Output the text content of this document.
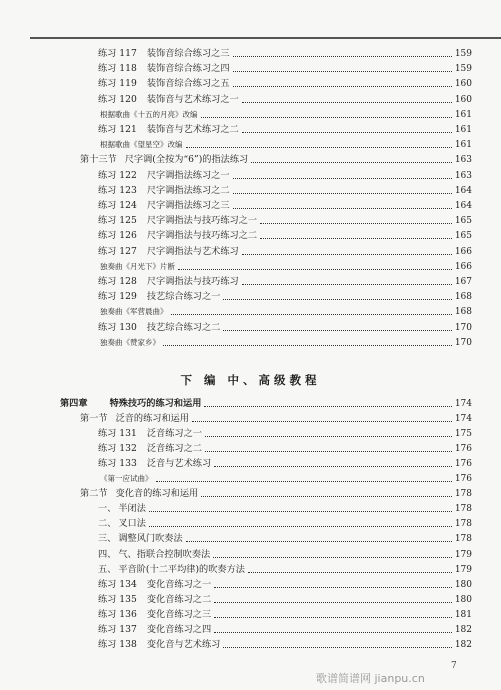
练习 117 装饰音综合练习之三	159
练习 118 装饰音综合练习之四	159
练习 119 装饰音综合练习之五	160
练习 120 装饰音与艺术练习之一	160
根据歌曲《十五的月亮》改编	161
练习 121 装饰音与艺术练习之二	161
根据歌曲《望星空》改编	161
第十三节 尺字调(全按为“6”)的指法练习	163
练习 122 尺字调指法练习之一	163
练习 123 尺字调指法练习之二	164
练习 124 尺字调指法练习之三	164
练习 125 尺字调指法与技巧练习之一	165
练习 126 尺字调指法与技巧练习之二	165
练习 127 尺字调指法与艺术练习	166
独奏曲《月光下》片断	166
练习 128 尺字调指法与技巧练习	167
练习 129 技艺综合练习之一	168
独奏曲《军营晨曲》	168
练习 130 技艺综合练习之二	170
独奏曲《赞家乡》	170
下 编 中、高级教程
第四章 特殊技巧的练习和运用	174
第一节 泛音的练习和运用	174
练习 131 泛音练习之一	175
练习 132 泛音练习之二	176
练习 133 泛音与艺术练习	176
《第一应试曲》	176
第二节 变化音的练习和运用	178
一、 半闭法	178
二、 叉口法	178
三、 调整风门吹奏法	178
四、 气、指联合控制吹奏法	179
五、 平音阶(十二平均律)的吹奏方法	179
练习 134 变化音练习之一	180
练习 135 变化音练习之二	180
练习 136 变化音练习之三	181
练习 137 变化音练习之四	182
练习 138 变化音与艺术练习	182
7
歌谱简谱网 jianpu.cn
